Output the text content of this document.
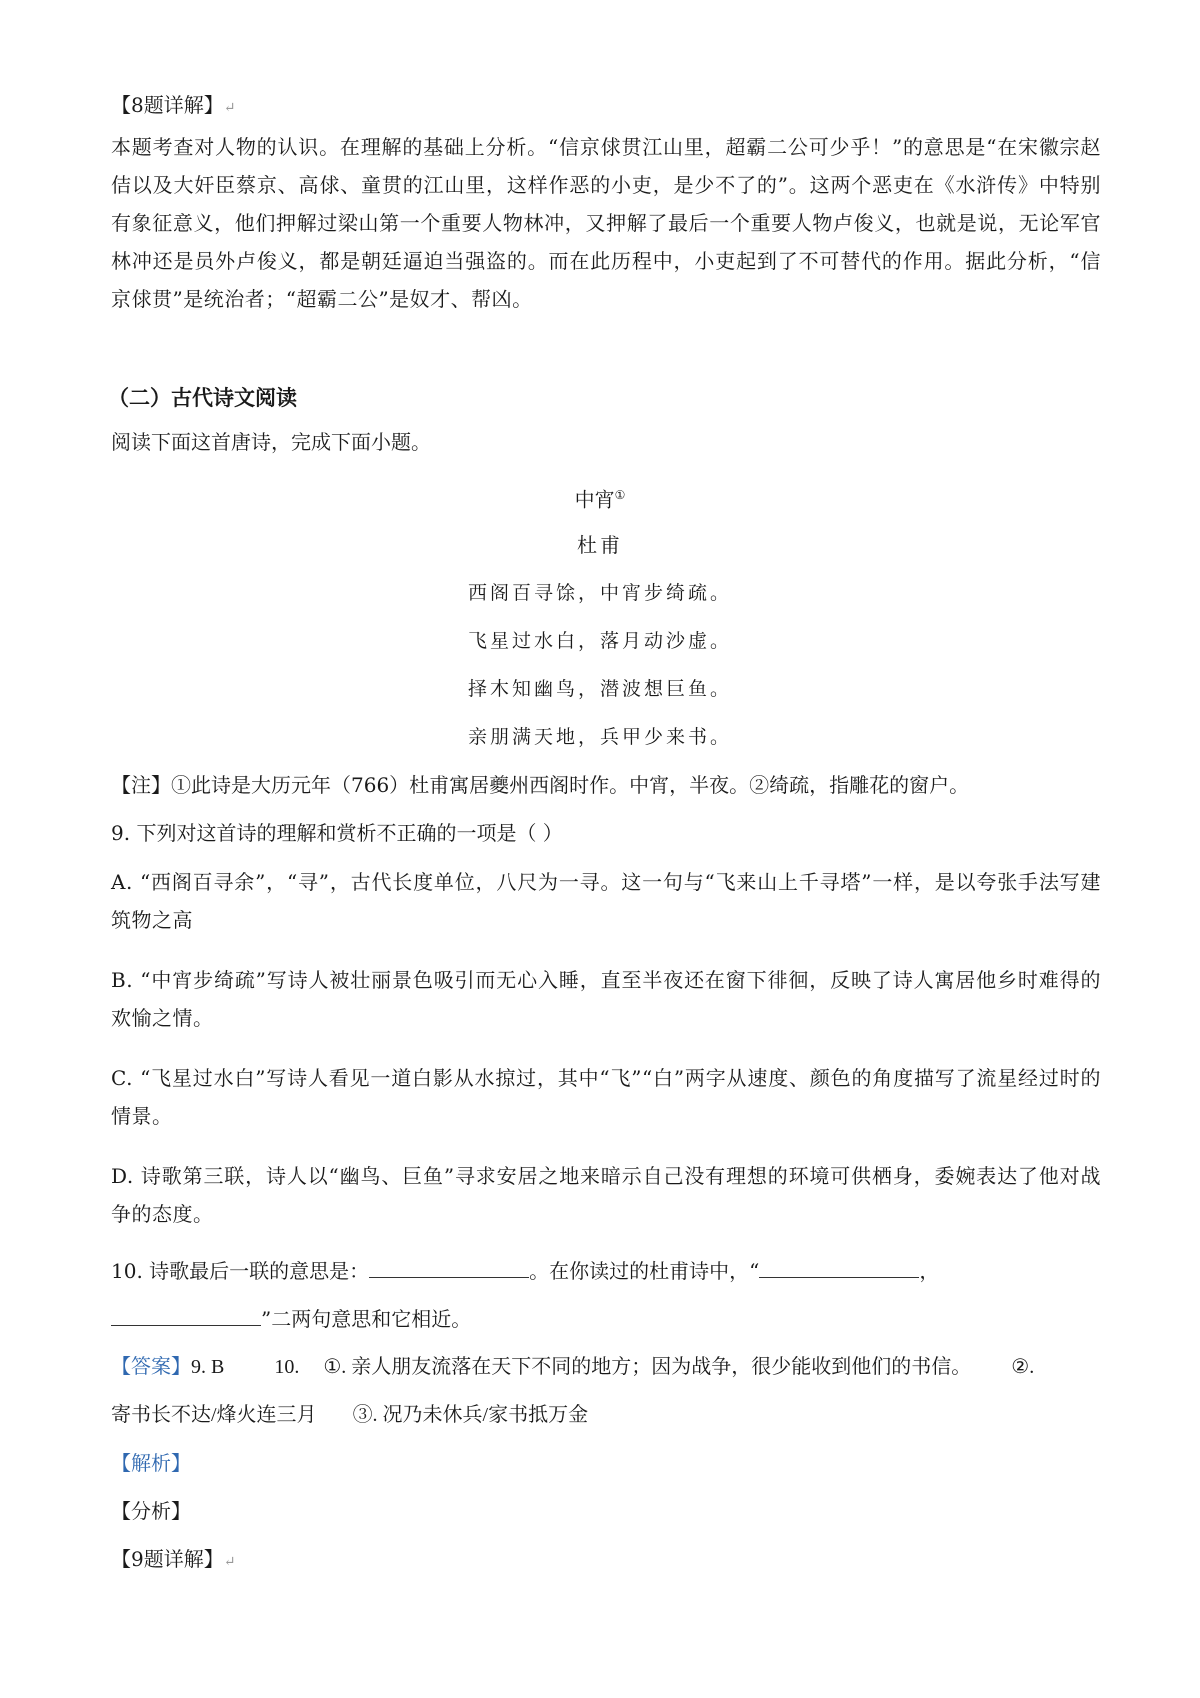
【8题详解】↵
本题考查对人物的认识。在理解的基础上分析。“信京俅贯江山里，超霸二公可少乎！”的意思是“在宋徽宗赵佶以及大奸臣蔡京、高俅、童贯的江山里，这样作恶的小吏，是少不了的”。这两个恶吏在《水浒传》中特别有象征意义，他们押解过梁山第一个重要人物林冲，又押解了最后一个重要人物卢俊义，也就是说，无论军官林冲还是员外卢俊义，都是朝廷逼迫当强盗的。而在此历程中，小吏起到了不可替代的作用。据此分析，“信京俅贯”是统治者；“超霸二公”是奴才、帮凶。
（二）古代诗文阅读
阅读下面这首唐诗，完成下面小题。
中宵①
杜甫
西阁百寻馀，中宵步绮疏。
飞星过水白，落月动沙虚。
择木知幽鸟，潜波想巨鱼。
亲朋满天地，兵甲少来书。
【注】①此诗是大历元年（766）杜甫寓居夔州西阁时作。中宵，半夜。②绮疏，指雕花的窗户。
9. 下列对这首诗的理解和赏析不正确的一项是（ ）
A. “西阁百寻余”，“寻”，古代长度单位，八尺为一寻。这一句与“飞来山上千寻塔”一样，是以夸张手法写建筑物之高
B. “中宵步绮疏”写诗人被壮丽景色吸引而无心入睡，直至半夜还在窗下徘徊，反映了诗人寓居他乡时难得的欢愉之情。
C. “飞星过水白”写诗人看见一道白影从水掠过，其中“飞”“白”两字从速度、颜色的角度描写了流星经过时的情景。
D. 诗歌第三联，诗人以“幽鸟、巨鱼”寻求安居之地来暗示自己没有理想的环境可供栖身，委婉表达了他对战争的态度。
10. 诗歌最后一联的意思是：	。在你读过的杜甫诗中，“	，
”二两句意思和它相近。
【答案】9. B	10. ①. 亲人朋友流落在天下不同的地方；因为战争，很少能收到他们的书信。 ②.
寄书长不达/烽火连三月 ③. 况乃未休兵/家书抵万金
【解析】
【分析】
【9题详解】↵
